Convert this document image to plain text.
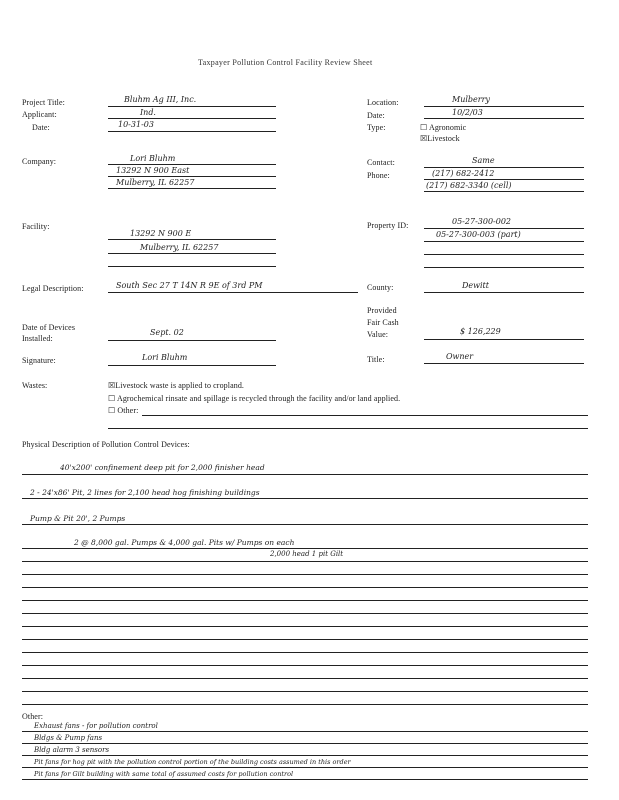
Taxpayer Pollution Control Facility Review Sheet
Project Title:
Applicant:
Date:
Company:
Facility:
Legal Description:
Date of Devices Installed:
Signature:
Wastes:
Bluhm Ag III, Inc.
Ind.
10-31-03
Lori Bluhm
13292 N 900 East
Mulberry, IL 62257
13292 N 900 E
Mulberry, IL 62257
South Sec 27 T 14N R 9E of 3rd PM
Sept. 02
Lori Bluhm
Location:
Date:
Type:	☐ Agronomic
☒Livestock
Contact:
Phone:
Property ID:
County:
Provided
Fair Cash
Value:
Title:
Mulberry
10/2/03
Same
(217) 682-2412
(217) 682-3340 (cell)
05-27-300-002
05-27-300-003 (part)
Dewitt
$ 126,229
Owner
☒Livestock waste is applied to cropland.
☐ Agrochemical rinsate and spillage is recycled through the facility and/or land applied.
☐ Other:
Physical Description of Pollution Control Devices:
40'x200' confinement deep pit for 2,000 finisher head
2 - 24'x86' Pit, 2 lines for 2,100 head hog finishing buildings
Pump & Pit 20', 2 Pumps
2 @ 8,000 gal. Pumps & 4,000 gal. Pits w/ Pumps on each
2,000 head 1 pit Gilt
Other:
Exhaust fans - for pollution control
Bldgs & Pump fans
Bldg alarm 3 sensors
Pit fans for hog pit with the pollution control portion of the building costs assumed in this order
Pit fans for Gilt building with same total of assumed costs for pollution control
